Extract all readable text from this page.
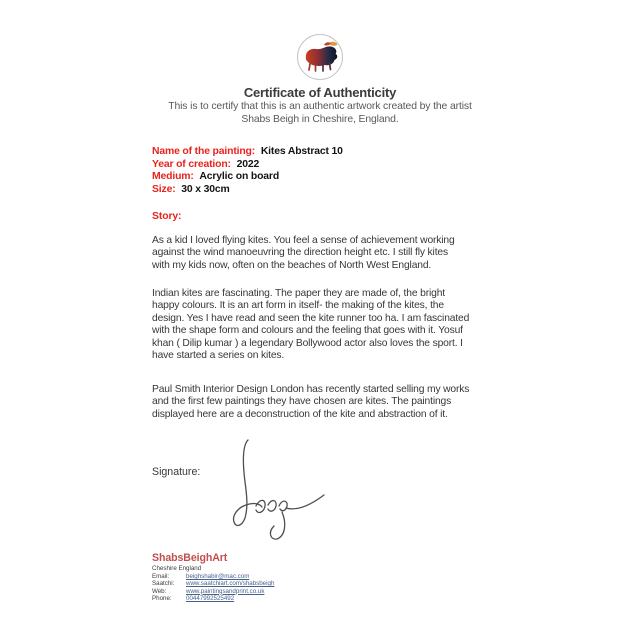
Certificate of Authenticity
This is to certify that this is an authentic artwork created by the artist
Shabs Beigh in Cheshire, England.
Name of the painting: Kites Abstract 10
Year of creation: 2022
Medium: Acrylic on board
Size: 30 x 30cm
Story:
As a kid I loved flying kites. You feel a sense of achievement working
against the wind manoeuvring the direction height etc. I still fly kites
with my kids now, often on the beaches of North West England.
Indian kites are fascinating. The paper they are made of, the bright
happy colours. It is an art form in itself- the making of the kites, the
design. Yes I have read and seen the kite runner too ha. I am fascinated
with the shape form and colours and the feeling that goes with it. Yosuf
khan ( Dilip kumar ) a legendary Bollywood actor also loves the sport. I
have started a series on kites.
Paul Smith Interior Design London has recently started selling my works
and the first few paintings they have chosen are kites. The paintings
displayed here are a deconstruction of the kite and abstraction of it.
Signature:
ShabsBeighArt
Cheshire England
Email:	beighshabir@mac.com
Saatchi:	www.saatchiart.com/shabsbeigh
Web:	www.paintingsandprint.co.uk
Phone:	00447992525492
